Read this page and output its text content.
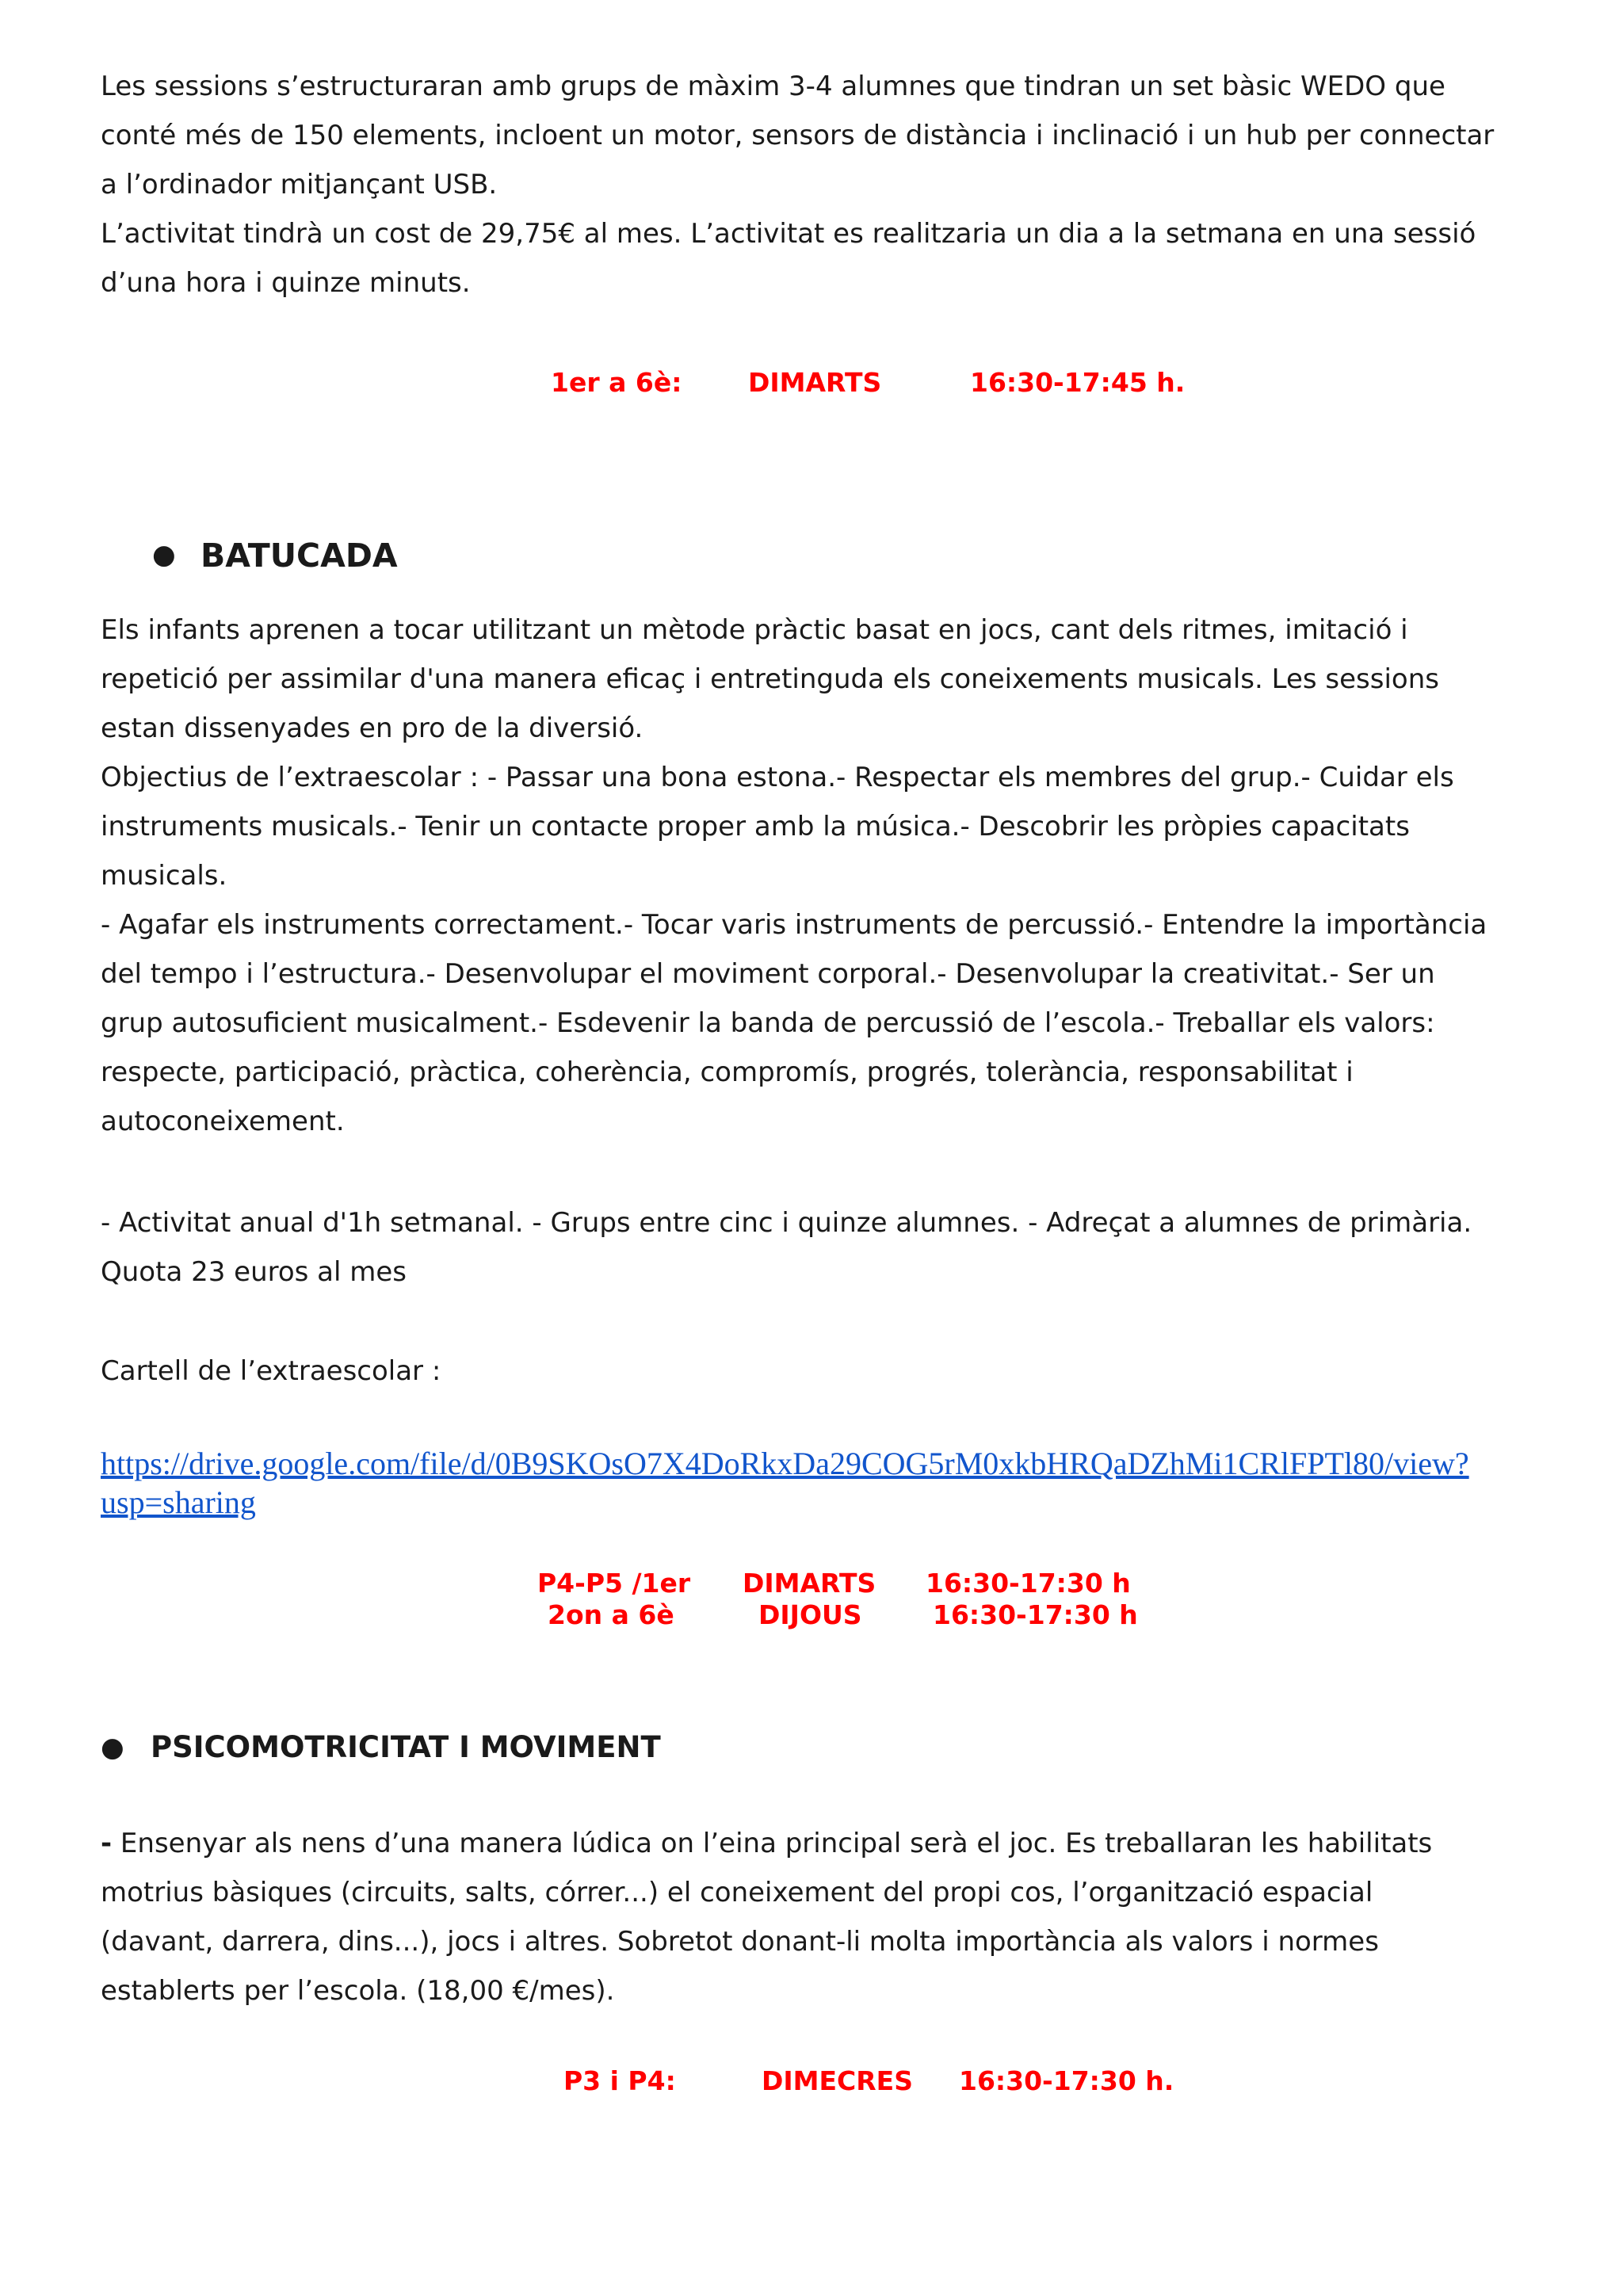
Les sessions s’estructuraran amb grups de màxim 3-4 alumnes que tindran un set bàsic WEDO que
conté més de 150 elements, incloent un motor, sensors de distància i inclinació i un hub per connectar
a l’ordinador mitjançant USB.
L’activitat tindrà un cost de 29,75€ al mes. L’activitat es realitzaria un dia a la setmana en una sessió
d’una hora i quinze minuts.
1er a 6è:	DIMARTS	16:30-17:45 h.
● BATUCADA
Els infants aprenen a tocar utilitzant un mètode pràctic basat en jocs, cant dels ritmes, imitació i
repetició per assimilar d'una manera eficaç i entretinguda els coneixements musicals. Les sessions
estan dissenyades en pro de la diversió.
Objectius de l’extraescolar : - Passar una bona estona.- Respectar els membres del grup.- Cuidar els
instruments musicals.- Tenir un contacte proper amb la música.- Descobrir les pròpies capacitats
musicals.
- Agafar els instruments correctament.- Tocar varis instruments de percussió.- Entendre la importància
del tempo i l’estructura.- Desenvolupar el moviment corporal.- Desenvolupar la creativitat.- Ser un
grup autosuficient musicalment.- Esdevenir la banda de percussió de l’escola.- Treballar els valors:
respecte, participació, pràctica, coherència, compromís, progrés, tolerància, responsabilitat i
autoconeixement.
- Activitat anual d'1h setmanal. - Grups entre cinc i quinze alumnes. - Adreçat a alumnes de primària.
Quota 23 euros al mes

Cartell de l’extraescolar :

https://drive.google.com/file/d/0B9SKOsO7X4DoRkxDa29COG5rM0xkbHRQaDZhMi1CRlFPTl80/view?
usp=sharing
P4-P5 /1er DIMARTS 16:30-17:30 h
2on a 6è	DIJOUS	16:30-17:30 h
● PSICOMOTRICITAT I MOVIMENT
- Ensenyar als nens d’una manera lúdica on l’eina principal serà el joc. Es treballaran les habilitats
motrius bàsiques (circuits, salts, córrer...) el coneixement del propi cos, l’organització espacial
(davant, darrera, dins...), jocs i altres. Sobretot donant-li molta importància als valors i normes
establerts per l’escola. (18,00 €/mes).
P3 i P4:	DIMECRES 16:30-17:30 h.
